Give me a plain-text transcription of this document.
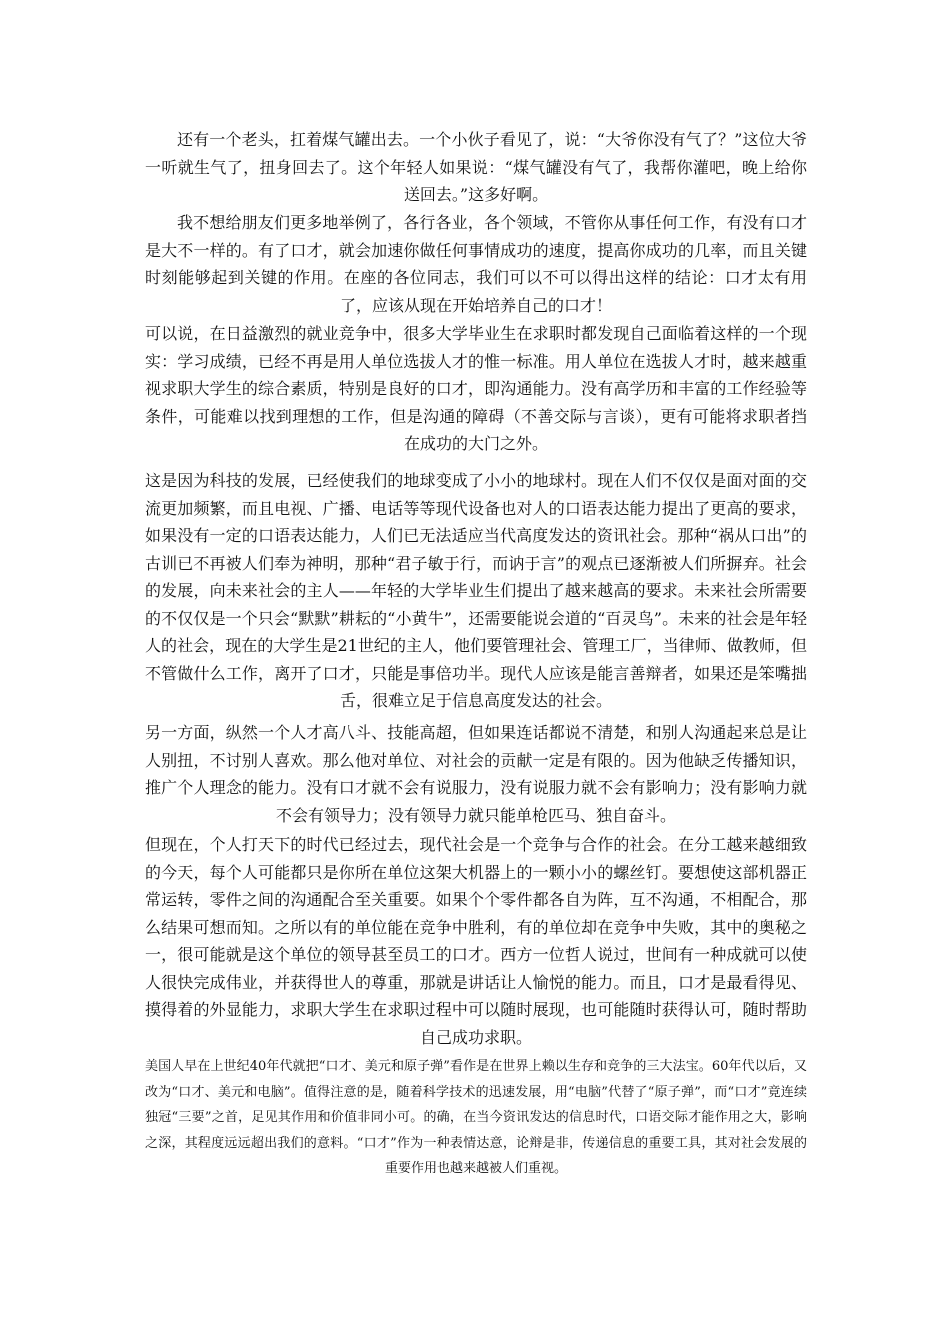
还有一个老头，扛着煤气罐出去。一个小伙子看见了，说：“大爷你没有气了？”这位大爷一听就生气了，扭身回去了。这个年轻人如果说：“煤气罐没有气了，我帮你灌吧，晚上给你送回去。”这多好啊。

我不想给朋友们更多地举例了，各行各业，各个领域，不管你从事任何工作，有没有口才是大不一样的。有了口才，就会加速你做任何事情成功的速度，提高你成功的几率，而且关键时刻能够起到关键的作用。在座的各位同志，我们可以不可以得出这样的结论：口才太有用了，应该从现在开始培养自己的口才！

可以说，在日益激烈的就业竞争中，很多大学毕业生在求职时都发现自己面临着这样的一个现实：学习成绩，已经不再是用人单位选拔人才的惟一标准。用人单位在选拔人才时，越来越重视求职大学生的综合素质，特别是良好的口才，即沟通能力。没有高学历和丰富的工作经验等条件，可能难以找到理想的工作，但是沟通的障碍（不善交际与言谈），更有可能将求职者挡在成功的大门之外。

这是因为科技的发展，已经使我们的地球变成了小小的地球村。现在人们不仅仅是面对面的交流更加频繁，而且电视、广播、电话等等现代设备也对人的口语表达能力提出了更高的要求，如果没有一定的口语表达能力，人们已无法适应当代高度发达的资讯社会。那种“祸从口出”的古训已不再被人们奉为神明，那种“君子敏于行，而讷于言”的观点已逐渐被人们所摒弃。社会的发展，向未来社会的主人——年轻的大学毕业生们提出了越来越高的要求。未来社会所需要的不仅仅是一个只会“默默”耕耘的“小黄牛”，还需要能说会道的“百灵鸟”。未来的社会是年轻人的社会，现在的大学生是21世纪的主人，他们要管理社会、管理工厂，当律师、做教师，但不管做什么工作，离开了口才，只能是事倍功半。现代人应该是能言善辩者，如果还是笨嘴拙舌，很难立足于信息高度发达的社会。

另一方面，纵然一个人才高八斗、技能高超，但如果连话都说不清楚，和别人沟通起来总是让人别扭，不讨别人喜欢。那么他对单位、对社会的贡献一定是有限的。因为他缺乏传播知识，推广个人理念的能力。没有口才就不会有说服力，没有说服力就不会有影响力；没有影响力就不会有领导力；没有领导力就只能单枪匹马、独自奋斗。

但现在，个人打天下的时代已经过去，现代社会是一个竞争与合作的社会。在分工越来越细致的今天，每个人可能都只是你所在单位这架大机器上的一颗小小的螺丝钉。要想使这部机器正常运转，零件之间的沟通配合至关重要。如果个个零件都各自为阵，互不沟通，不相配合，那么结果可想而知。之所以有的单位能在竞争中胜利，有的单位却在竞争中失败，其中的奥秘之一，很可能就是这个单位的领导甚至员工的口才。西方一位哲人说过，世间有一种成就可以使人很快完成伟业，并获得世人的尊重，那就是讲话让人愉悦的能力。而且，口才是最看得见、摸得着的外显能力，求职大学生在求职过程中可以随时展现，也可能随时获得认可，随时帮助自己成功求职。

美国人早在上世纪40年代就把“口才、美元和原子弹”看作是在世界上赖以生存和竞争的三大法宝。60年代以后，又改为“口才、美元和电脑”。值得注意的是，随着科学技术的迅速发展，用“电脑”代替了“原子弹”，而“口才”竟连续独冠“三要”之首，足见其作用和价值非同小可。的确，在当今资讯发达的信息时代，口语交际才能作用之大，影响之深，其程度远远超出我们的意料。“口才”作为一种表情达意，论辩是非，传递信息的重要工具，其对社会发展的重要作用也越来越被人们重视。
